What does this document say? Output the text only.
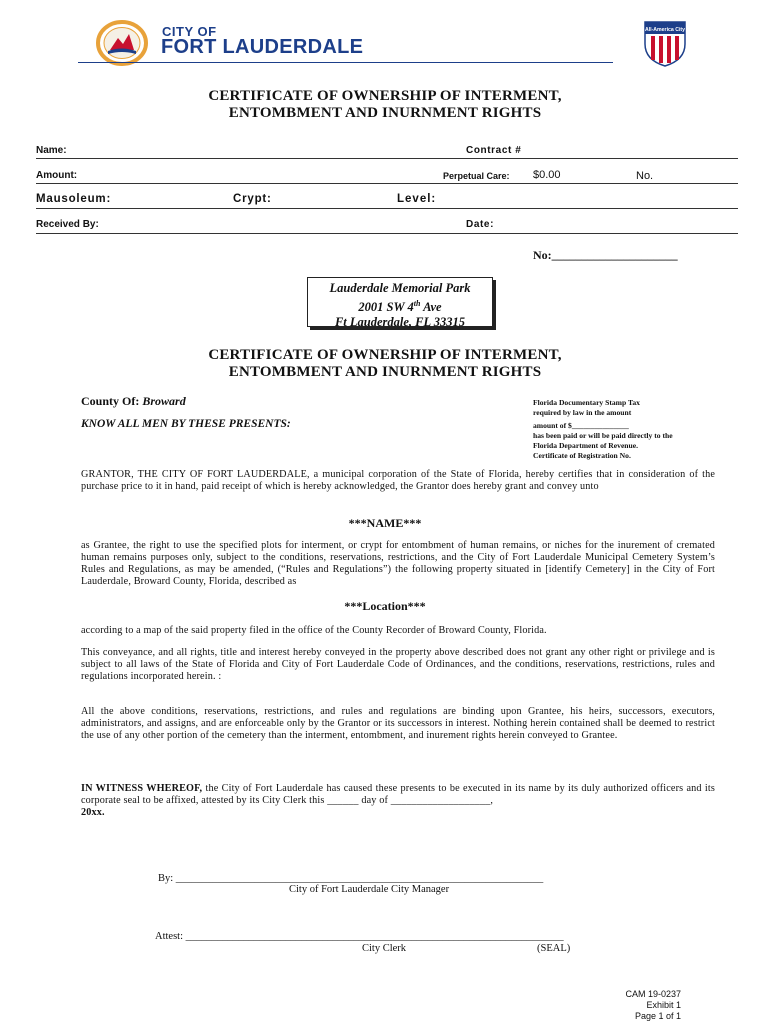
CITY OF
FORT LAUDERDALE
All-America City
CERTIFICATE OF OWNERSHIP OF INTERMENT,
ENTOMBMENT AND INURNMENT RIGHTS
Name:	Contract #
Amount:	Perpetual Care: $0.00	No.
Mausoleum:	Crypt:	Level:
Received By:	Date:
No:_____________________
Lauderdale Memorial Park
2001 SW 4th Ave
Ft Lauderdale, FL 33315
CERTIFICATE OF OWNERSHIP OF INTERMENT,
ENTOMBMENT AND INURNMENT RIGHTS
County Of: Broward
KNOW ALL MEN BY THESE PRESENTS:
Florida Documentary Stamp Tax
required by law in the amount
amount of $_______________
has been paid or will be paid directly to the
Florida Department of Revenue.
Certificate of Registration No.
GRANTOR, THE CITY OF FORT LAUDERDALE, a municipal corporation of the State of Florida, hereby certifies that in consideration of the purchase price to it in hand, paid receipt of which is hereby acknowledged, the Grantor does hereby grant and convey unto
***NAME***
as Grantee, the right to use the specified plots for interment, or crypt for entombment of human remains, or niches for the inurement of cremated human remains purposes only, subject to the conditions, reservations, restrictions, and the City of Fort Lauderdale Municipal Cemetery System’s Rules and Regulations, as may be amended, (“Rules and Regulations”) the following property situated in [identify Cemetery] in the City of Fort Lauderdale, Broward County, Florida, described as
***Location***
according to a map of the said property filed in the office of the County Recorder of Broward County, Florida.
This conveyance, and all rights, title and interest hereby conveyed in the property above described does not grant any other right or privilege and is subject to all laws of the State of Florida and City of Fort Lauderdale Code of Ordinances, and the conditions, reservations, restrictions, rules and regulations incorporated herein. :
All the above conditions, reservations, restrictions, and rules and regulations are binding upon Grantee, his heirs, successors, executors, administrators, and assigns, and are enforceable only by the Grantor or its successors in interest. Nothing herein contained shall be deemed to restrict the use of any other portion of the cemetery than the interment, entombment, and inurement rights herein conveyed to Grantee.
IN WITNESS WHEREOF, the City of Fort Lauderdale has caused these presents to be executed in its name by its duly authorized officers and its corporate seal to be affixed, attested by its City Clerk this ______ day of ___________________,
20xx.
By: ______________________________________________________________________
City of Fort Lauderdale City Manager
Attest: ________________________________________________________________________
City Clerk	(SEAL)
CAM 19-0237
Exhibit 1
Page 1 of 1
